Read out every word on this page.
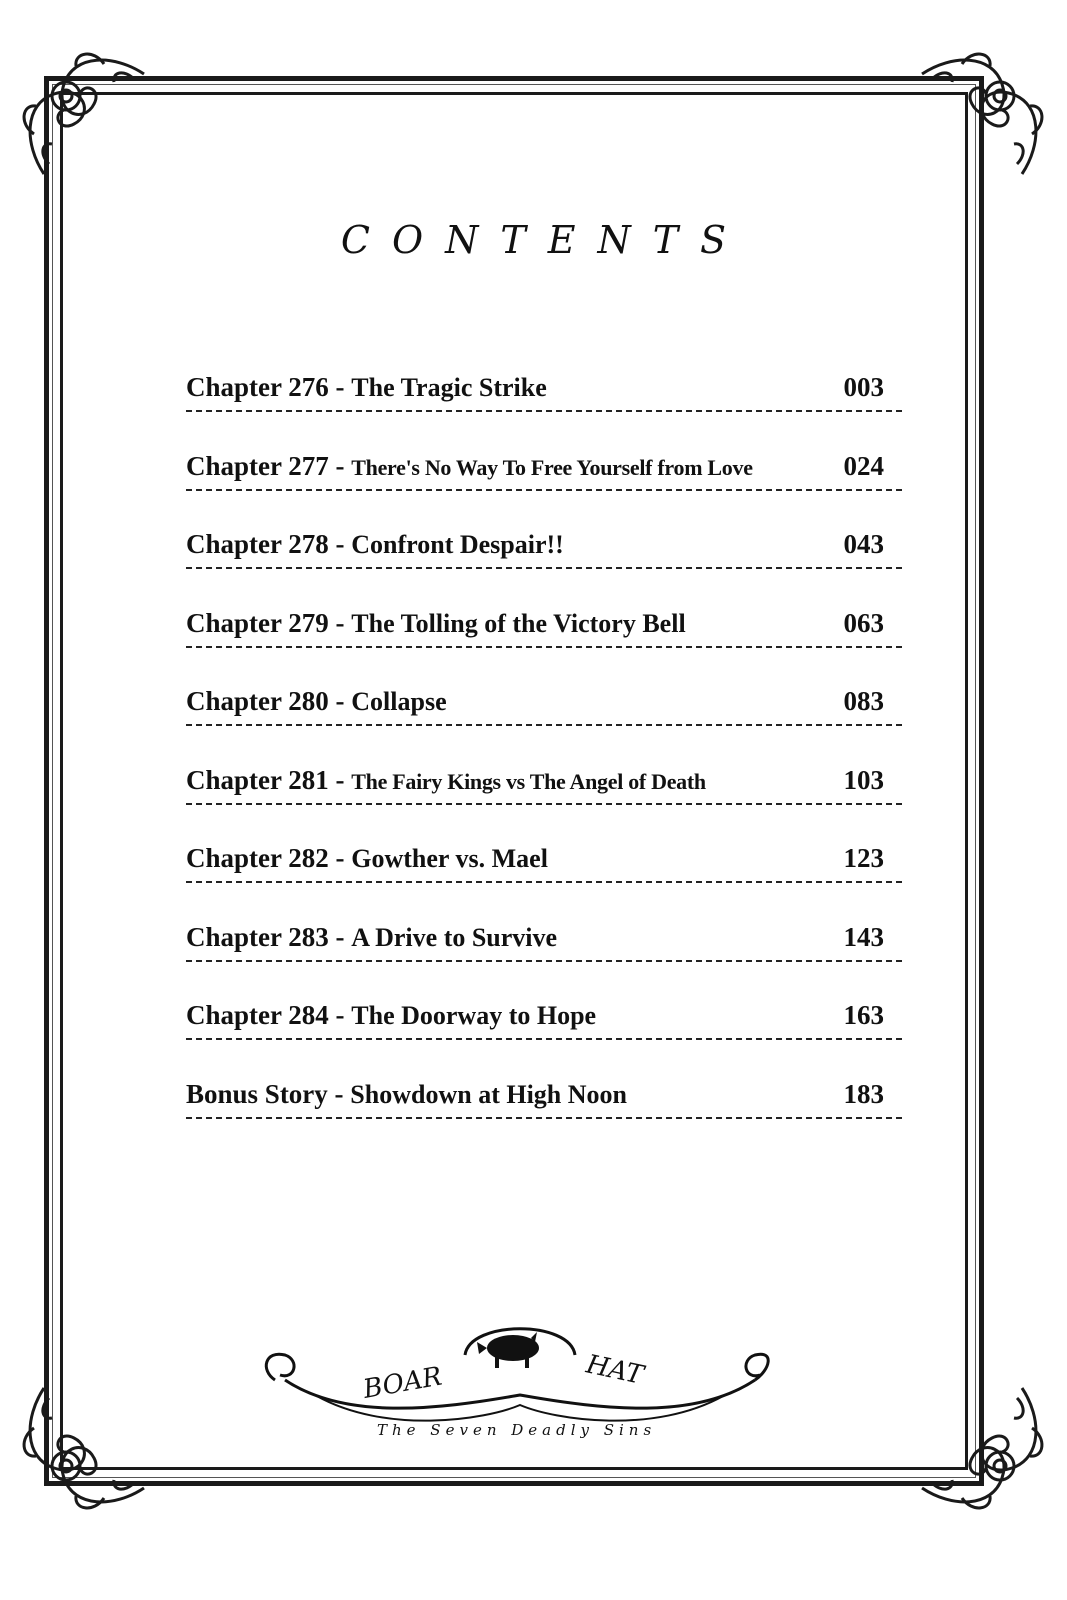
CONTENTS
Chapter 276 - The Tragic Strike	003
Chapter 277 - There's No Way To Free Yourself from Love	024
Chapter 278 - Confront Despair!!	043
Chapter 279 - The Tolling of the Victory Bell	063
Chapter 280 - Collapse	083
Chapter 281 - The Fairy Kings vs The Angel of Death	103
Chapter 282 - Gowther vs. Mael	123
Chapter 283 - A Drive to Survive	143
Chapter 284 - The Doorway to Hope	163
Bonus Story - Showdown at High Noon	183
BOAR	HAT
The Seven Deadly Sins
